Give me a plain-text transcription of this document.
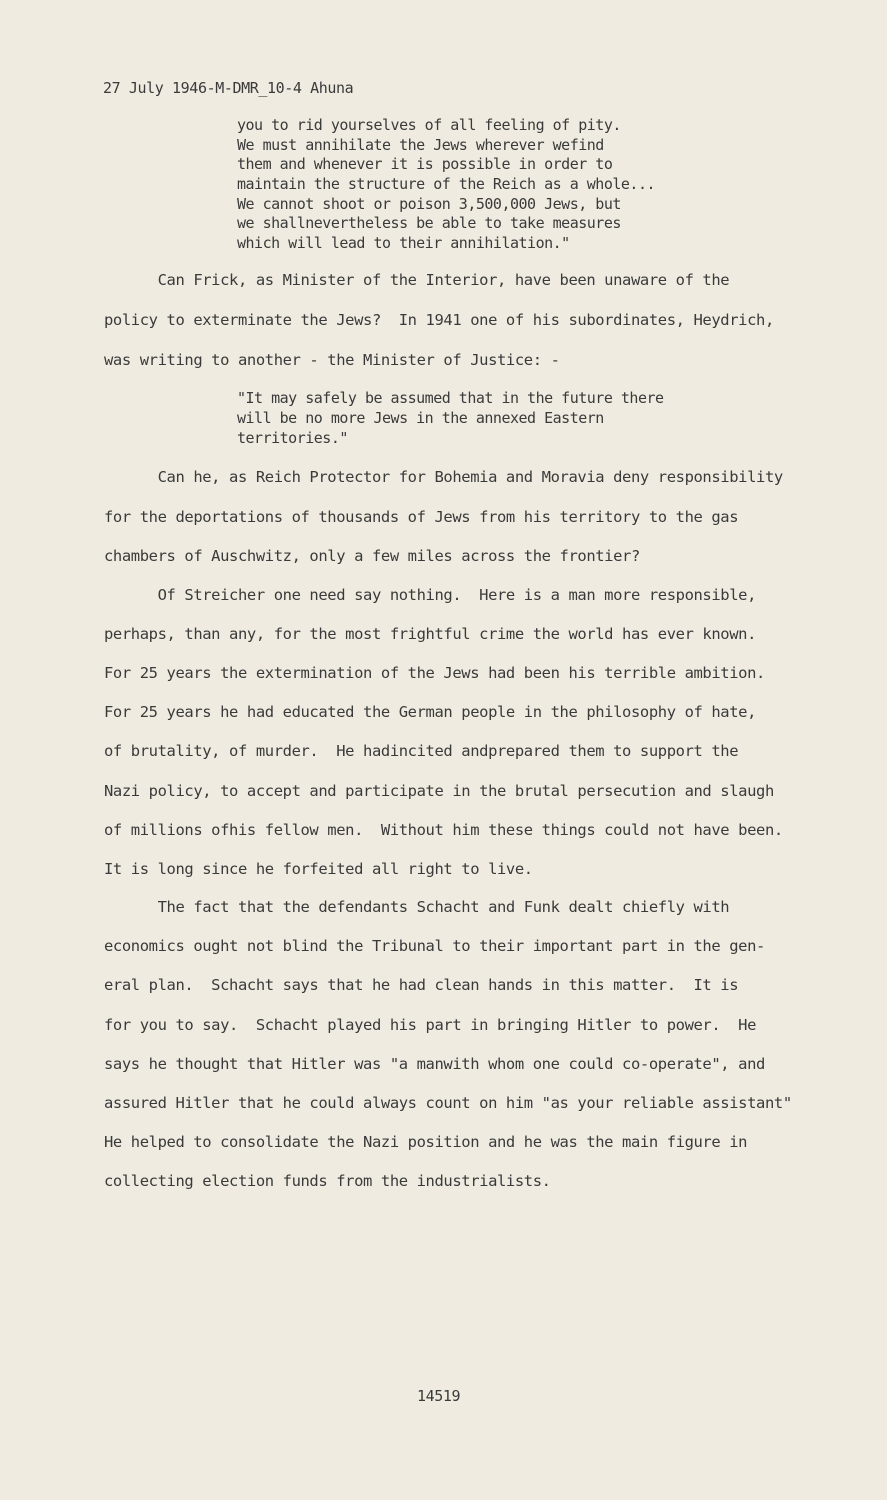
27 July 1946-M-DMR_10-4 Ahuna
you to rid yourselves of all feeling of pity.
We must annihilate the Jews wherever wefind
them and whenever it is possible in order to
maintain the structure of the Reich as a whole...
We cannot shoot or poison 3,500,000 Jews, but
we shallnevertheless be able to take measures
which will lead to their annihilation."
Can Frick, as Minister of the Interior, have been unaware of the
policy to exterminate the Jews?  In 1941 one of his subordinates, Heydrich,
was writing to another - the Minister of Justice: -
"It may safely be assumed that in the future there
will be no more Jews in the annexed Eastern
territories."
Can he, as Reich Protector for Bohemia and Moravia deny responsibility
for the deportations of thousands of Jews from his territory to the gas
chambers of Auschwitz, only a few miles across the frontier?
Of Streicher one need say nothing.  Here is a man more responsible,
perhaps, than any, for the most frightful crime the world has ever known.
For 25 years the extermination of the Jews had been his terrible ambition.
For 25 years he had educated the German people in the philosophy of hate,
of brutality, of murder.  He hadincited andprepared them to support the
Nazi policy, to accept and participate in the brutal persecution and slaugh
of millions ofhis fellow men.  Without him these things could not have been.
It is long since he forfeited all right to live.
The fact that the defendants Schacht and Funk dealt chiefly with
economics ought not blind the Tribunal to their important part in the gen-
eral plan.  Schacht says that he had clean hands in this matter.  It is
for you to say.  Schacht played his part in bringing Hitler to power.  He
says he thought that Hitler was "a manwith whom one could co-operate", and
assured Hitler that he could always count on him "as your reliable assistant"
He helped to consolidate the Nazi position and he was the main figure in
collecting election funds from the industrialists.
14519
